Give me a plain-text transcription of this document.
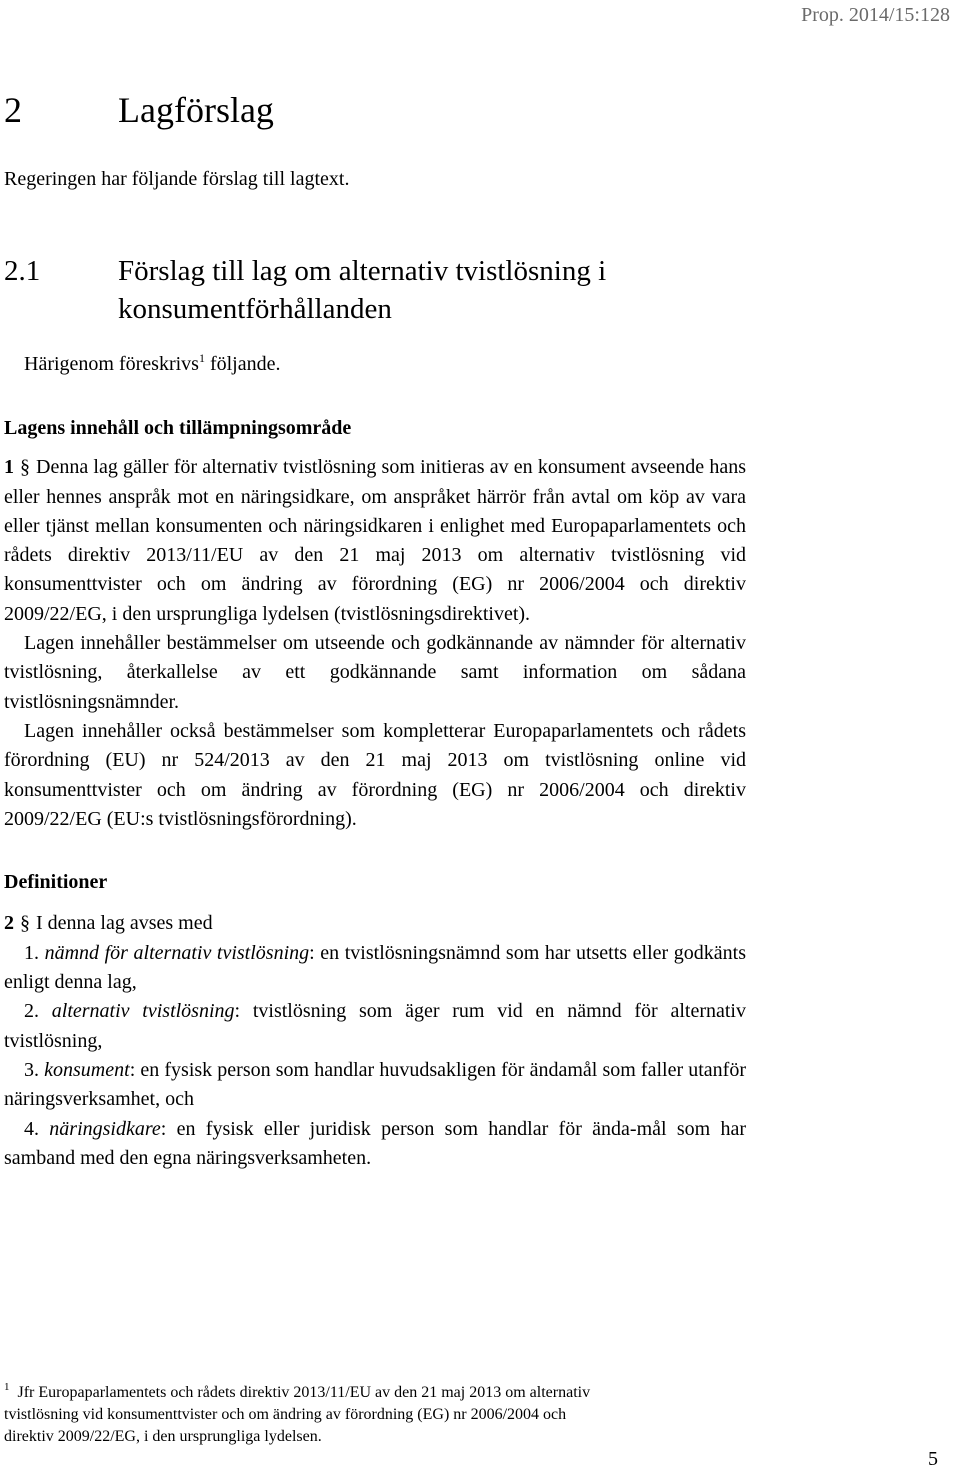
Prop. 2014/15:128
2	Lagförslag

Regeringen har följande förslag till lagtext.

2.1	Förslag till lag om alternativ tvistlösning i konsumentförhållanden

Härigenom föreskrivs$^1$ följande.

Lagens innehåll och tillämpningsområde

1 § Denna lag gäller för alternativ tvistlösning som initieras av en konsument avseende hans eller hennes anspråk mot en näringsidkare, om anspråket härrör från avtal om köp av vara eller tjänst mellan konsumenten och näringsidkaren i enlighet med Europaparlamentets och rådets direktiv 2013/11/EU av den 21 maj 2013 om alternativ tvistlösning vid konsumenttvister och om ändring av förordning (EG) nr 2006/2004 och direktiv 2009/22/EG, i den ursprungliga lydelsen (tvistlösningsdirektivet).

Lagen innehåller bestämmelser om utseende och godkännande av nämnder för alternativ tvistlösning, återkallelse av ett godkännande samt information om sådana tvistlösningsnämnder.

Lagen innehåller också bestämmelser som kompletterar Europaparlamentets och rådets förordning (EU) nr 524/2013 av den 21 maj 2013 om tvistlösning online vid konsumenttvister och om ändring av förordning (EG) nr 2006/2004 och direktiv 2009/22/EG (EU:s tvistlösningsförordning).

Definitioner

2 § I denna lag avses med

1. nämnd för alternativ tvistlösning: en tvistlösningsnämnd som har utsetts eller godkänts enligt denna lag,

2. alternativ tvistlösning: tvistlösning som äger rum vid en nämnd för alternativ tvistlösning,

3. konsument: en fysisk person som handlar huvudsakligen för ändamål som faller utanför näringsverksamhet, och

4. näringsidkare: en fysisk eller juridisk person som handlar för ända-mål som har samband med den egna näringsverksamheten.

$^1$ Jfr Europaparlamentets och rådets direktiv 2013/11/EU av den 21 maj 2013 om alternativ
tvistlösning vid konsumenttvister och om ändring av förordning (EG) nr 2006/2004 och
direktiv 2009/22/EG, i den ursprungliga lydelsen.
5
